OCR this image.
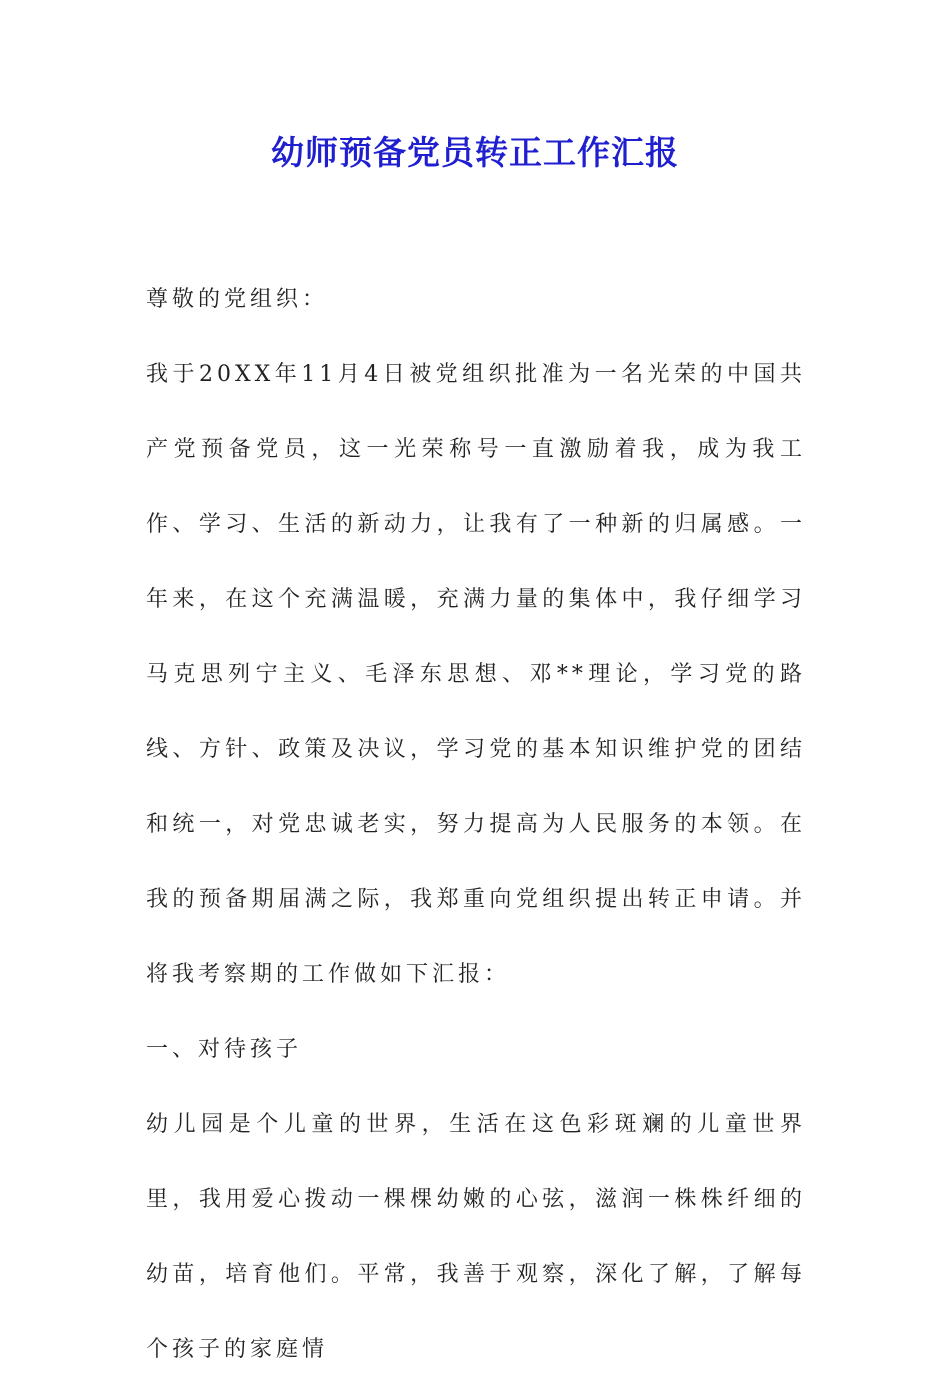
幼师预备党员转正工作汇报

尊敬的党组织：

我于20XX年11月4日被党组织批准为一名光荣的中国共产党预备党员，这一光荣称号一直激励着我，成为我工作、学习、生活的新动力，让我有了一种新的归属感。一年来，在这个充满温暖，充满力量的集体中，我仔细学习马克思列宁主义、毛泽东思想、邓**理论，学习党的路线、方针、政策及决议，学习党的基本知识维护党的团结和统一，对党忠诚老实，努力提高为人民服务的本领。在我的预备期届满之际，我郑重向党组织提出转正申请。并将我考察期的工作做如下汇报：

一、对待孩子

幼儿园是个儿童的世界，生活在这色彩斑斓的儿童世界里，我用爱心拨动一棵棵幼嫩的心弦，滋润一株株纤细的幼苗，培育他们。平常，我善于观察，深化了解，了解每个孩子的家庭情
